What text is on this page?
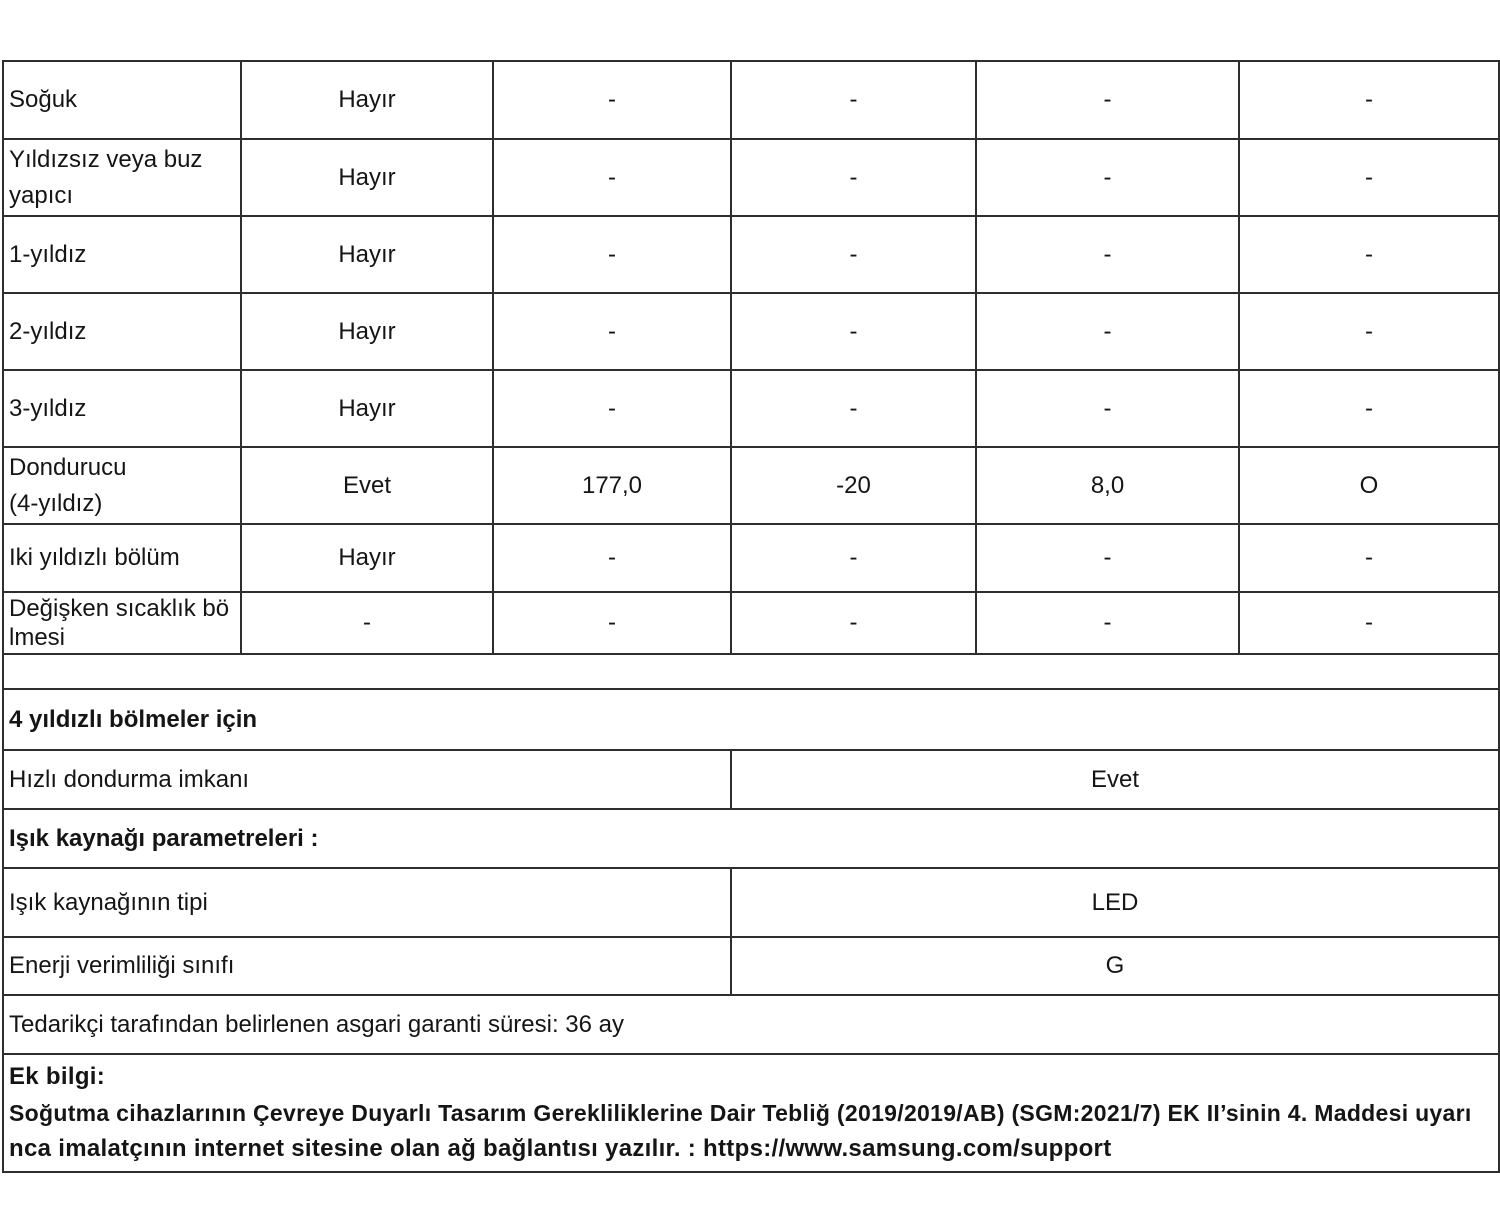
Soğuk	Hayır	-	-	-	-

Yıldızsız veya buz
yapıcı	Hayır	-	-	-	-

1-yıldız	Hayır	-	-	-	-

2-yıldız	Hayır	-	-	-	-

3-yıldız	Hayır	-	-	-	-

Dondurucu
(4-yıldız)	Evet	177,0	-20	8,0	O

Iki yıldızlı bölüm	Hayır	-	-	-	-

Değişken sıcaklık bö
lmesi	-	-	-	-	-

4 yıldızlı bölmeler için					
Hızlı dondurma imkanı			Evet		
Işık kaynağı parametreleri :					
Işık kaynağının tipi			LED		
Enerji verimliliği sınıfı			G		
Tedarikçi tarafından belirlenen asgari garanti süresi: 36 ay					

Ek bilgi:
Soğutma cihazlarının Çevreye Duyarlı Tasarım Gerekliliklerine Dair Tebliğ (2019/2019/AB) (SGM:2021/7) EK II’sinin 4. Maddesi uyarı
nca imalatçının internet sitesine olan ağ bağlantısı yazılır. : https://www.samsung.com/support					
